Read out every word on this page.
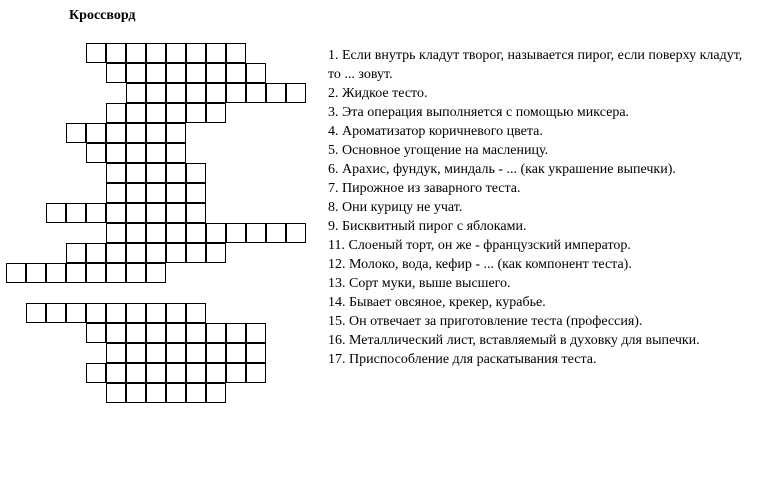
Кроссворд
1. Если внутрь кладут творог, называется пирог, если поверху кладут, то ... зовут.
2. Жидкое тесто.
3. Эта операция выполняется с помощью миксера.
4. Ароматизатор коричневого цвета.
5. Основное угощение на масленицу.
6. Арахис, фундук, миндаль - ... (как украшение выпечки).
7. Пирожное из заварного теста.
8. Они курицу не учат.
9. Бисквитный пирог с яблоками.
11. Слоеный торт, он же - французский император.
12. Молоко, вода, кефир - ... (как компонент теста).
13. Сорт муки, выше высшего.
14. Бывает овсяное, крекер, курабье.
15. Он отвечает за приготовление теста (профессия).
16. Металлический лист, вставляемый в духовку для выпечки.
17. Приспособление для раскатывания теста.
